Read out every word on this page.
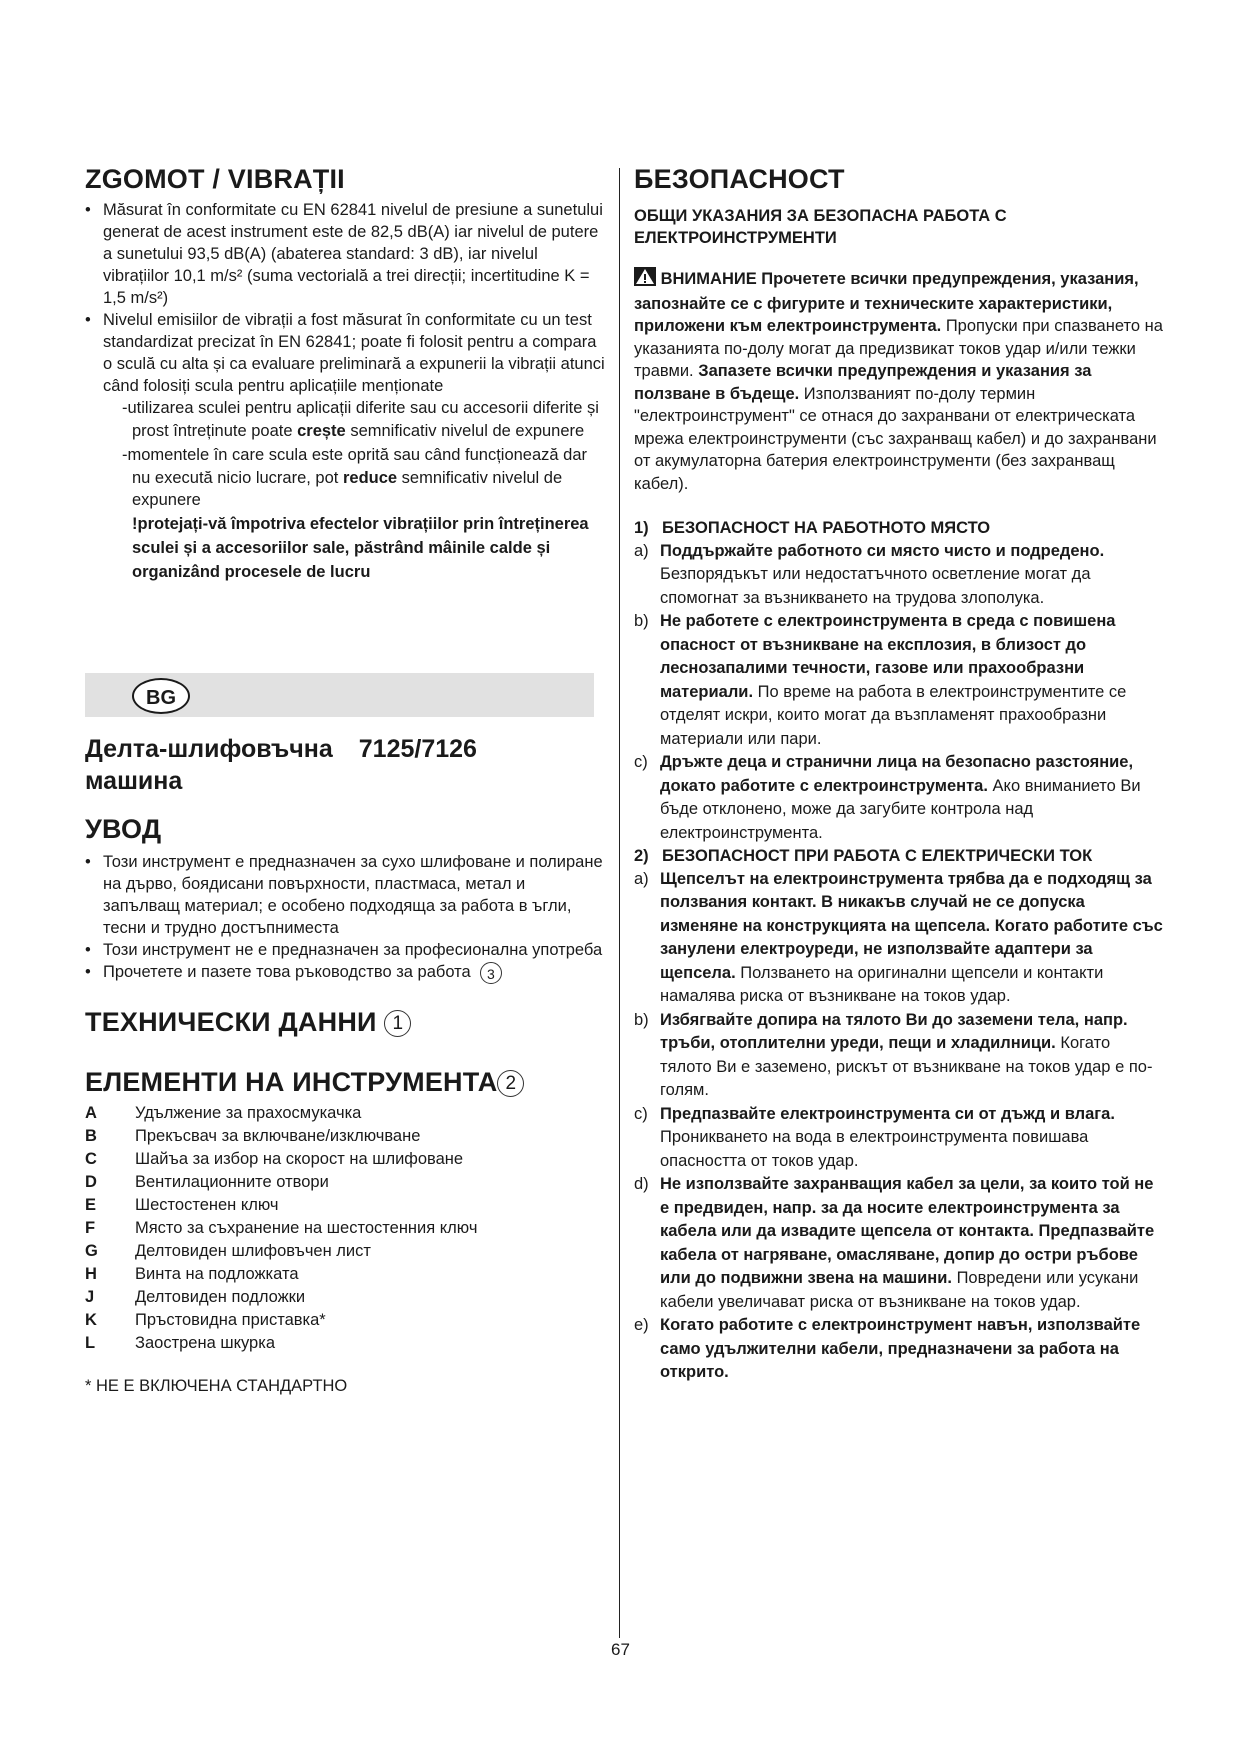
ZGOMOT / VIBRAȚII
• Măsurat în conformitate cu EN 62841 nivelul de presiune a sunetului generat de acest instrument este de 82,5 dB(A) iar nivelul de putere a sunetului 93,5 dB(A) (abaterea standard: 3 dB), iar nivelul vibrațiilor 10,1 m/s² (suma vectorială a trei direcții; incertitudine K = 1,5 m/s²)
• Nivelul emisiilor de vibrații a fost măsurat în conformitate cu un test standardizat precizat în EN 62841; poate fi folosit pentru a compara o sculă cu alta și ca evaluare preliminară a expunerii la vibrații atunci când folosiți scula pentru aplicațiile menționate
-utilizarea sculei pentru aplicații diferite sau cu accesorii diferite și prost întreținute poate crește semnificativ nivelul de expunere
-momentele în care scula este oprită sau când funcționează dar nu execută nicio lucrare, pot reduce semnificativ nivelul de expunere
!protejați-vă împotriva efectelor vibrațiilor prin întreținerea sculei și a accesoriilor sale, păstrând mâinile calde și organizând procesele de lucru
BG
Делта-шлифовъчна 7125/7126
машина
УВОД
• Този инструмент е предназначен за сухо шлифоване и полиране на дърво, боядисани повърхности, пластмаса, метал и запълващ материал; е особено подходяща за работа в ъгли, тесни и трудно достъпниместа
• Този инструмент не е предназначен за професионална употреба
• Прочетете и пазете това ръководство за работа 3
ТЕХНИЧЕСКИ ДАННИ 1
ЕЛЕМЕНТИ НА ИНСТРУМЕНТА 2
A	Удължение за прахосмукачка
B	Прекъсвач за включване/изключване
C	Шайъа за избор на скорост на шлифоване
D	Вентилационните отвори
E	Шестостенен ключ
F	Място за съхранение на шестостенния ключ
G	Делтовиден шлифовъчен лист
H	Винта на подложката
J	Делтовиден подложки
K	Пръстовидна приставка*
L	Заострена шкурка
* НЕ Е ВКЛЮЧЕНА СТАНДАРТНО
БЕЗОПАСНОСТ
ОБЩИ УКАЗАНИЯ ЗА БЕЗОПАСНА РАБОТА С ЕЛЕКТРОИНСТРУМЕНТИ
ВНИМАНИЕ Прочетете всички предупреждения, указания, запознайте се с фигурите и техническите характеристики, приложени към електроинструмента. Пропуски при спазването на указанията по-долу могат да предизвикат токов удар и/или тежки травми. Запазете всички предупреждения и указания за ползване в бъдеще. Използваният по-долу термин "електроинструмент" се отнася до захранвани от електрическата мрежа електроинструменти (със захранващ кабел) и до захранвани от акумулаторна батерия електроинструменти (без захранващ кабел).
1) БЕЗОПАСНОСТ НА РАБОТНОТО МЯСТО
a) Поддържайте работното си място чисто и подредено. Безпорядъкът или недостатъчното осветление могат да спомогнат за възникването на трудова злополука.
b) Не работете с електроинструмента в среда с повишена опасност от възникване на експлозия, в близост до леснозапалими течности, газове или прахообразни материали. По време на работа в електроинструментите се отделят искри, които могат да възпламенят прахообразни материали или пари.
c) Дръжте деца и странични лица на безопасно разстояние, докато работите с електроинструмента. Ако вниманието Ви бъде отклонено, може да загубите контрола над електроинструмента.
2) БЕЗОПАСНОСТ ПРИ РАБОТА С ЕЛЕКТРИЧЕСКИ ТОК
a) Щепселът на електроинструмента трябва да е подходящ за ползвания контакт. В никакъв случай не се допуска изменяне на конструкцията на щепсела. Когато работите със занулени електроуреди, не използвайте адаптери за щепсела. Ползването на оригинални щепсели и контакти намалява риска от възникване на токов удар.
b) Избягвайте допира на тялото Ви до заземени тела, напр. тръби, отоплителни уреди, пещи и хладилници. Когато тялото Ви е заземено, рискът от възникване на токов удар е по-голям.
c) Предпазвайте електроинструмента си от дъжд и влага. Проникването на вода в електроинструмента повишава опасността от токов удар.
d) Не използвайте захранващия кабел за цели, за които той не е предвиден, напр. за да носите електроинструмента за кабела или да извадите щепсела от контакта. Предпазвайте кабела от нагряване, омасляване, допир до остри ръбове или до подвижни звена на машини. Повредени или усукани кабели увеличават риска от възникване на токов удар.
e) Когато работите с електроинструмент навън, използвайте само удължителни кабели, предназначени за работа на открито.
67
